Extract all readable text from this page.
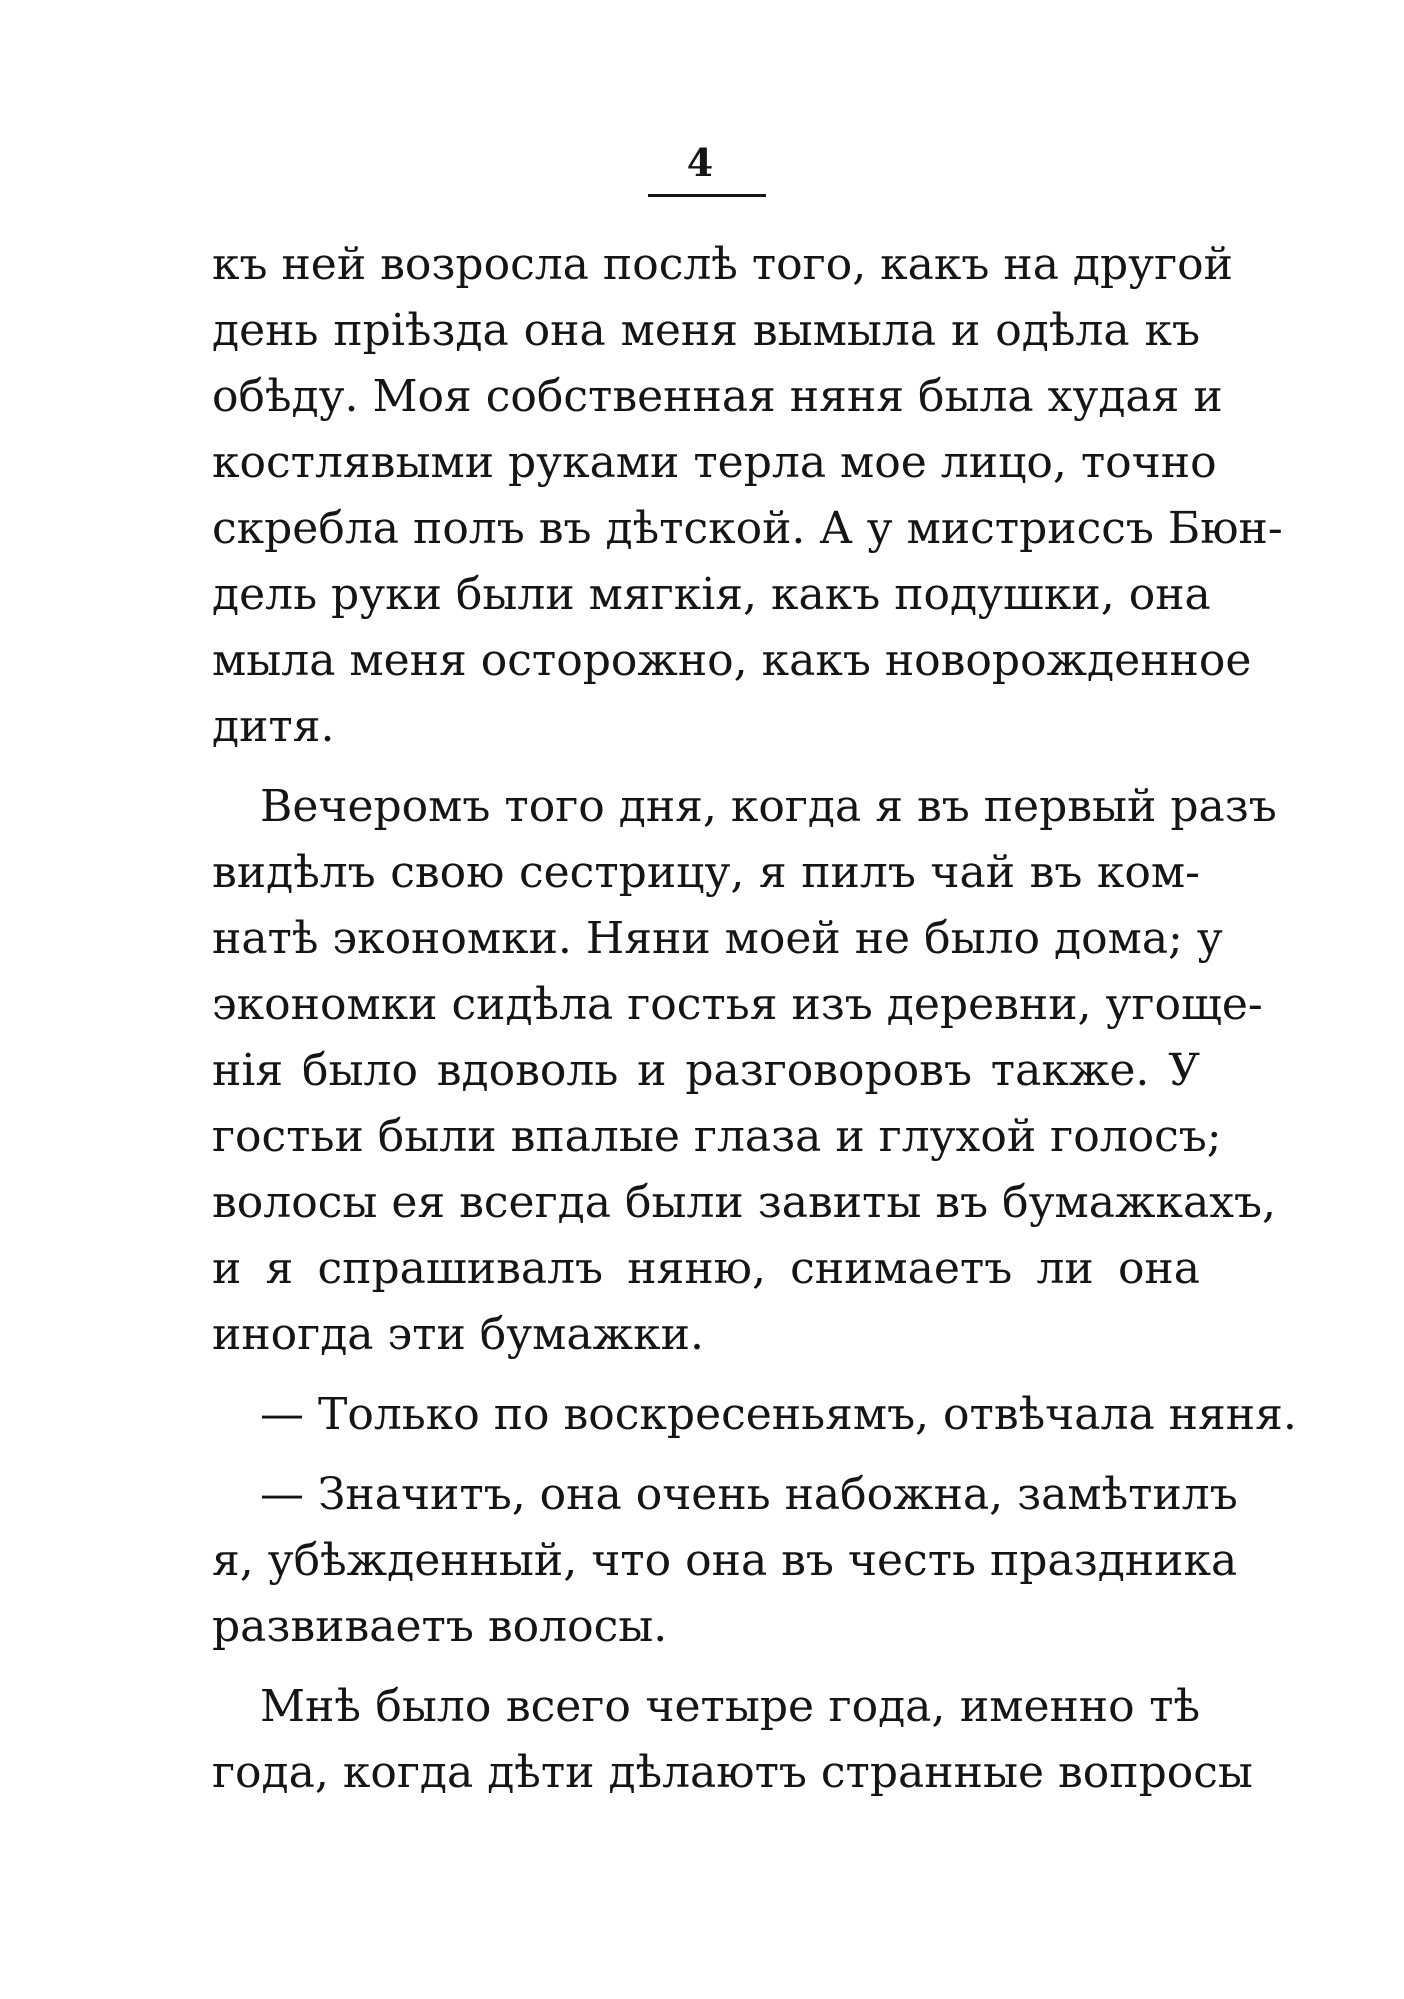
4
къ ней возросла послѣ того, какъ на другой
день пріѣзда она меня вымыла и одѣла къ
обѣду. Моя собственная няня была худая и
костлявыми руками терла мое лицо, точно
скребла полъ въ дѣтской. А у мистриссъ Бюн-
дель руки были мягкія, какъ подушки, она
мыла меня осторожно, какъ новорожденное
дитя.
Вечеромъ того дня, когда я въ первый разъ
видѣлъ свою сестрицу, я пилъ чай въ ком-
натѣ экономки. Няни моей не было дома; у
экономки сидѣла гостья изъ деревни, угоще-
нія было вдоволь и разговоровъ также. У
гостьи были впалые глаза и глухой голосъ;
волосы ея всегда были завиты въ бумажкахъ,
и я спрашивалъ няню, снимаетъ ли она
иногда эти бумажки.
— Только по воскресеньямъ, отвѣчала няня.
— Значитъ, она очень набожна, замѣтилъ
я, убѣжденный, что она въ честь праздника
развиваетъ волосы.
Мнѣ было всего четыре года, именно тѣ
года, когда дѣти дѣлаютъ странные вопросы
